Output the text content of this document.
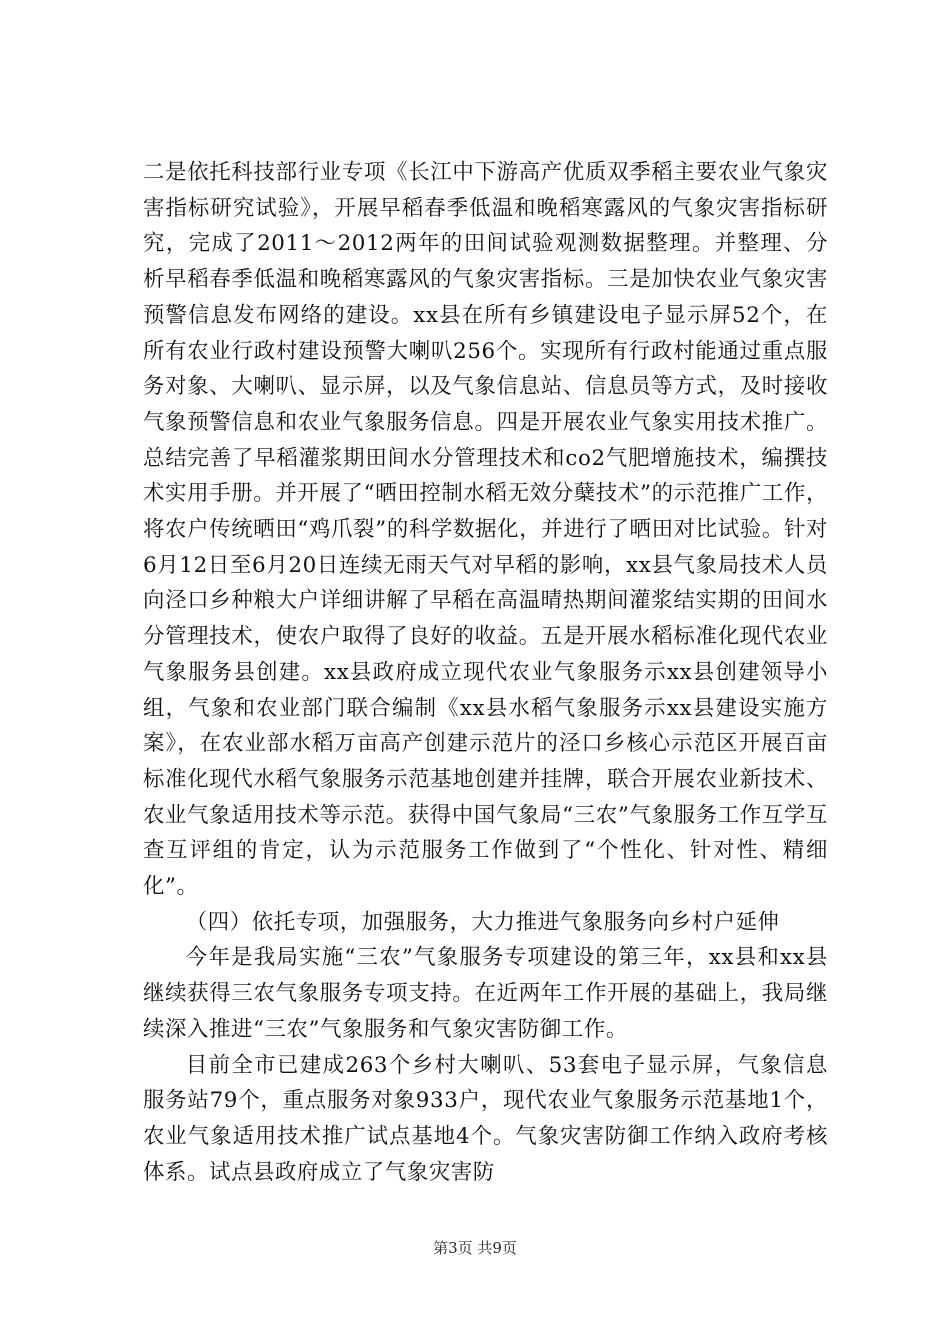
二是依托科技部行业专项《长江中下游高产优质双季稻主要农业气象灾害指标研究试验》，开展早稻春季低温和晚稻寒露风的气象灾害指标研究，完成了2011～2012两年的田间试验观测数据整理。并整理、分析早稻春季低温和晚稻寒露风的气象灾害指标。三是加快农业气象灾害预警信息发布网络的建设。xx县在所有乡镇建设电子显示屏52个，在所有农业行政村建设预警大喇叭256个。实现所有行政村能通过重点服务对象、大喇叭、显示屏，以及气象信息站、信息员等方式，及时接收气象预警信息和农业气象服务信息。四是开展农业气象实用技术推广。总结完善了早稻灌浆期田间水分管理技术和co2气肥增施技术，编撰技术实用手册。并开展了“晒田控制水稻无效分蘖技术”的示范推广工作，将农户传统晒田“鸡爪裂”的科学数据化，并进行了晒田对比试验。针对6月12日至6月20日连续无雨天气对早稻的影响，xx县气象局技术人员向泾口乡种粮大户详细讲解了早稻在高温晴热期间灌浆结实期的田间水分管理技术，使农户取得了良好的收益。五是开展水稻标准化现代农业气象服务县创建。xx县政府成立现代农业气象服务示xx县创建领导小组，气象和农业部门联合编制《xx县水稻气象服务示xx县建设实施方案》，在农业部水稻万亩高产创建示范片的泾口乡核心示范区开展百亩标准化现代水稻气象服务示范基地创建并挂牌，联合开展农业新技术、农业气象适用技术等示范。获得中国气象局“三农”气象服务工作互学互查互评组的肯定，认为示范服务工作做到了“个性化、针对性、精细化”。

（四）依托专项，加强服务，大力推进气象服务向乡村户延伸

今年是我局实施“三农”气象服务专项建设的第三年，xx县和xx县继续获得三农气象服务专项支持。在近两年工作开展的基础上，我局继续深入推进“三农”气象服务和气象灾害防御工作。

目前全市已建成263个乡村大喇叭、53套电子显示屏，气象信息服务站79个，重点服务对象933户，现代农业气象服务示范基地1个，农业气象适用技术推广试点基地4个。气象灾害防御工作纳入政府考核体系。试点县政府成立了气象灾害防

第3页 共9页
